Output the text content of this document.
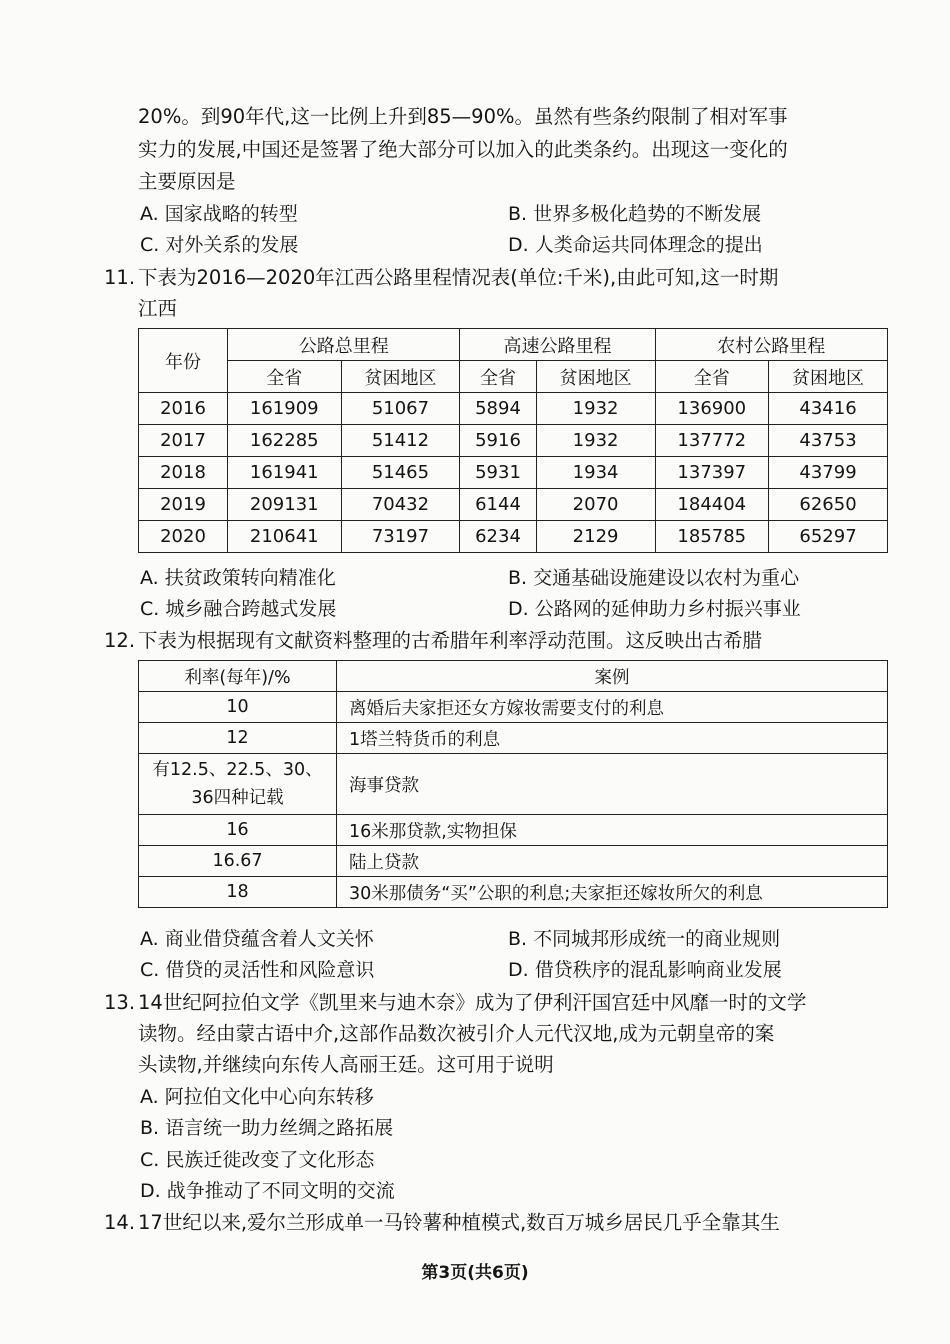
20%。到90年代,这一比例上升到85—90%。虽然有些条约限制了相对军事
实力的发展,中国还是签署了绝大部分可以加入的此类条约。出现这一变化的
主要原因是
A. 国家战略的转型	B. 世界多极化趋势的不断发展
C. 对外关系的发展	D. 人类命运共同体理念的提出
11. 下表为2016—2020年江西公路里程情况表(单位:千米),由此可知,这一时期
江西
年份	公路总里程		高速公路里程		农村公路里程	
	全省	贫困地区	全省	贫困地区	全省	贫困地区
2016	161909	51067	5894	1932	136900	43416
2017	162285	51412	5916	1932	137772	43753
2018	161941	51465	5931	1934	137397	43799
2019	209131	70432	6144	2070	184404	62650
2020	210641	73197	6234	2129	185785	65297
A. 扶贫政策转向精准化	B. 交通基础设施建设以农村为重心
C. 城乡融合跨越式发展	D. 公路网的延伸助力乡村振兴事业
12. 下表为根据现有文献资料整理的古希腊年利率浮动范围。这反映出古希腊
利率(每年)/%	案例
10	离婚后夫家拒还女方嫁妆需要支付的利息
12	1塔兰特货币的利息

有12.5、22.5、30、
36四种记载	海事贷款
16	16米那贷款,实物担保
16.67	陆上贷款
18	30米那债务“买”公职的利息;夫家拒还嫁妆所欠的利息
A. 商业借贷蕴含着人文关怀	B. 不同城邦形成统一的商业规则
C. 借贷的灵活性和风险意识	D. 借贷秩序的混乱影响商业发展
13. 14世纪阿拉伯文学《凯里来与迪木奈》成为了伊利汗国宫廷中风靡一时的文学
读物。经由蒙古语中介,这部作品数次被引介人元代汉地,成为元朝皇帝的案
头读物,并继续向东传人高丽王廷。这可用于说明
A. 阿拉伯文化中心向东转移
B. 语言统一助力丝绸之路拓展
C. 民族迁徙改变了文化形态
D. 战争推动了不同文明的交流
14. 17世纪以来,爱尔兰形成单一马铃薯种植模式,数百万城乡居民几乎全靠其生
第3页(共6页)
